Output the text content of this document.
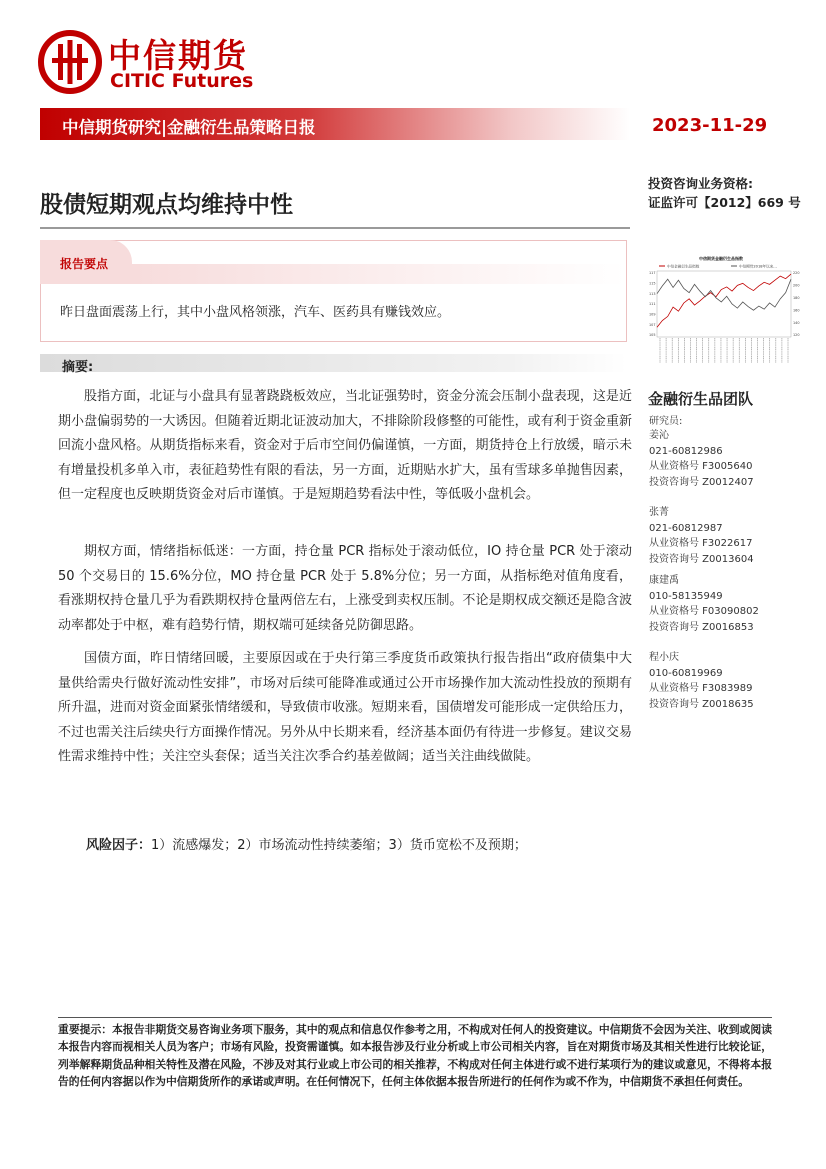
中信期货
CITIC Futures
中信期货研究|金融衍生品策略日报	2023-11-29
股债短期观点均维持中性
投资咨询业务资格:
证监许可【2012】669 号
报告要点
昨日盘面震荡上行，其中小盘风格领涨，汽车、医药具有赚钱效应。
摘要:
股指方面，北证与小盘具有显著跷跷板效应，当北证强势时，资金分流会压制小盘表现，这是近期小盘偏弱势的一大诱因。但随着近期北证波动加大，不排除阶段修整的可能性，或有利于资金重新回流小盘风格。从期货指标来看，资金对于后市空间仍偏谨慎，一方面，期货持仓上行放缓，暗示未有增量投机多单入市，表征趋势性有限的看法，另一方面，近期贴水扩大，虽有雪球多单抛售因素，但一定程度也反映期货资金对后市谨慎。于是短期趋势看法中性，等低吸小盘机会。
期权方面，情绪指标低迷：一方面，持仓量 PCR 指标处于滚动低位，IO 持仓量 PCR 处于滚动 50 个交易日的 15.6%分位，MO 持仓量 PCR 处于 5.8%分位；另一方面，从指标绝对值角度看，看涨期权持仓量几乎为看跌期权持仓量两倍左右，上涨受到卖权压制。不论是期权成交额还是隐含波动率都处于中枢，难有趋势行情，期权端可延续备兑防御思路。
国债方面，昨日情绪回暖，主要原因或在于央行第三季度货币政策执行报告指出“政府债集中大量供给需央行做好流动性安排”，市场对后续可能降准或通过公开市场操作加大流动性投放的预期有所升温，进而对资金面紧张情绪缓和，导致债市收涨。短期来看，国债增发可能形成一定供给压力，不过也需关注后续央行方面操作情况。另外从中长期来看，经济基本面仍有待进一步修复。建议交易性需求维持中性；关注空头套保；适当关注次季合约基差做阔；适当关注曲线做陡。
风险因子：1）流感爆发；2）市场流动性持续萎缩；3）货币宽松不及预期；
中信期货金融衍生品指数
中信金融衍生品指数	中信期货2018年以来…
117
115
113
111
109
107
105
220
200
180
160
140
120
金融衍生品团队
研究员:
姜沁
021-60812986
从业资格号 F3005640
投资咨询号 Z0012407
张菁
021-60812987
从业资格号 F3022617
投资咨询号 Z0013604
康建禹
010-58135949
从业资格号 F03090802
投资咨询号 Z0016853
程小庆
010-60819969
从业资格号 F3083989
投资咨询号 Z0018635
重要提示：本报告非期货交易咨询业务项下服务，其中的观点和信息仅作参考之用，不构成对任何人的投资建议。中信期货不会因为关注、收到或阅读本报告内容而视相关人员为客户；市场有风险，投资需谨慎。如本报告涉及行业分析或上市公司相关内容，旨在对期货市场及其相关性进行比较论证，列举解释期货品种相关特性及潜在风险，不涉及对其行业或上市公司的相关推荐，不构成对任何主体进行或不进行某项行为的建议或意见，不得将本报告的任何内容据以作为中信期货所作的承诺或声明。在任何情况下，任何主体依据本报告所进行的任何作为或不作为，中信期货不承担任何责任。
